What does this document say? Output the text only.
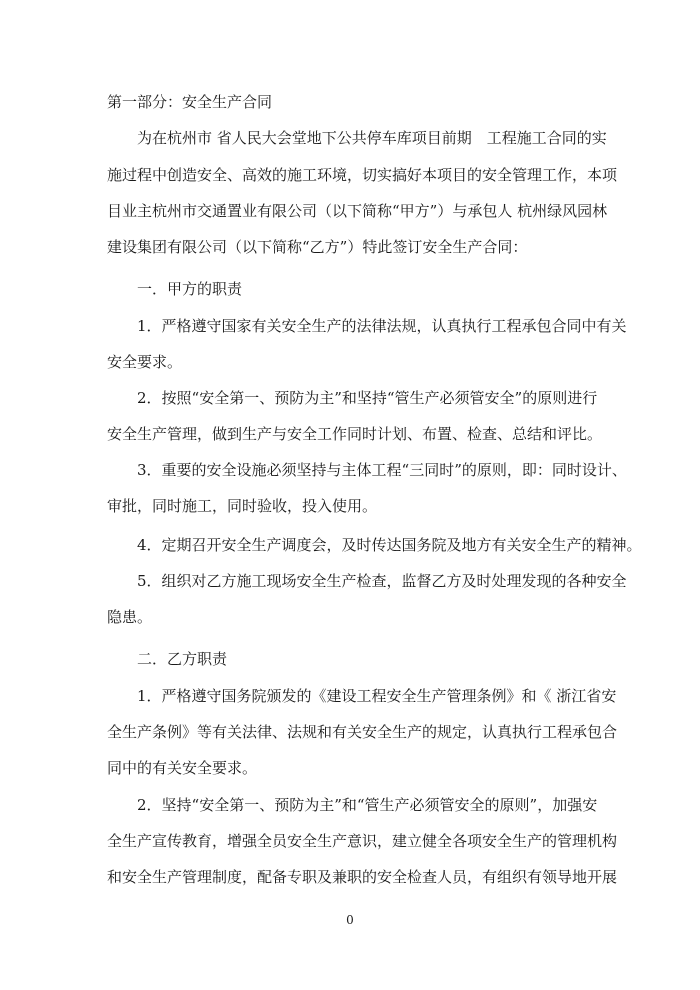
第一部分：安全生产合同
为在杭州市 省人民大会堂地下公共停车库项目前期　工程施工合同的实
施过程中创造安全、高效的施工环境，切实搞好本项目的安全管理工作，本项
目业主杭州市交通置业有限公司（以下简称“甲方”）与承包人 杭州绿风园林
建设集团有限公司（以下简称“乙方”）特此签订安全生产合同：
一．甲方的职责
1．严格遵守国家有关安全生产的法律法规，认真执行工程承包合同中有关
安全要求。
2．按照“安全第一、预防为主”和坚持“管生产必须管安全”的原则进行
安全生产管理，做到生产与安全工作同时计划、布置、检查、总结和评比。
3．重要的安全设施必须坚持与主体工程“三同时”的原则，即：同时设计、
审批，同时施工，同时验收，投入使用。
4．定期召开安全生产调度会，及时传达国务院及地方有关安全生产的精神。
5．组织对乙方施工现场安全生产检查，监督乙方及时处理发现的各种安全
隐患。
二．乙方职责
1．严格遵守国务院颁发的《建设工程安全生产管理条例》和《 浙江省安
全生产条例》等有关法律、法规和有关安全生产的规定，认真执行工程承包合
同中的有关安全要求。
2．坚持“安全第一、预防为主”和“管生产必须管安全的原则”，加强安
全生产宣传教育，增强全员安全生产意识，建立健全各项安全生产的管理机构
和安全生产管理制度，配备专职及兼职的安全检查人员，有组织有领导地开展
0
